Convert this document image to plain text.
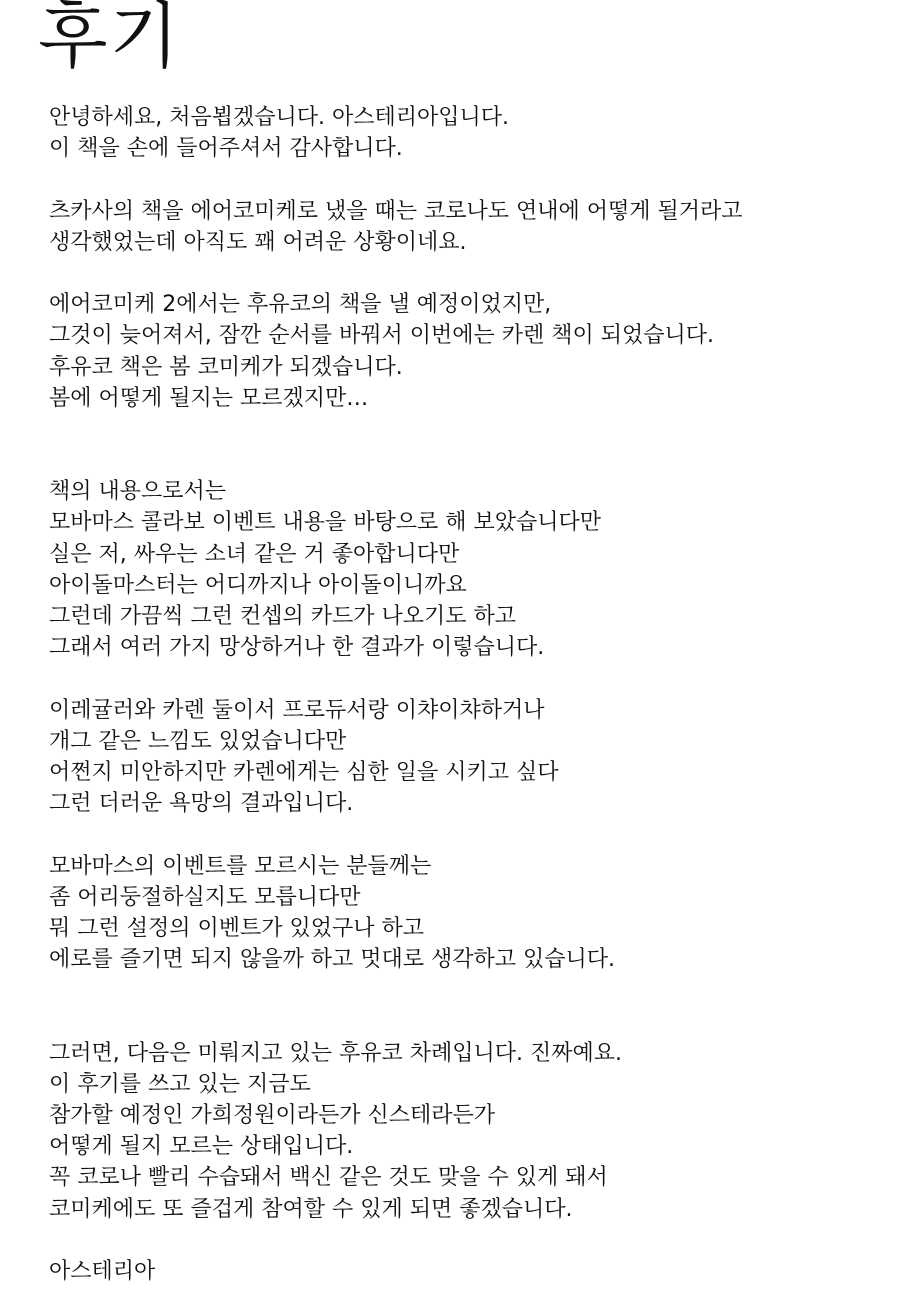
후기
안녕하세요, 처음뵙겠습니다. 아스테리아입니다.
이 책을 손에 들어주셔서 감사합니다.
츠카사의 책을 에어코미케로 냈을 때는 코로나도 연내에 어떻게 될거라고
생각했었는데 아직도 꽤 어려운 상황이네요.
에어코미케 2에서는 후유코의 책을 낼 예정이었지만,
그것이 늦어져서, 잠깐 순서를 바꿔서 이번에는 카렌 책이 되었습니다.
후유코 책은 봄 코미케가 되겠습니다.
봄에 어떻게 될지는 모르겠지만…
책의 내용으로서는
모바마스 콜라보 이벤트 내용을 바탕으로 해 보았습니다만
실은 저, 싸우는 소녀 같은 거 좋아합니다만
아이돌마스터는 어디까지나 아이돌이니까요
그런데 가끔씩 그런 컨셉의 카드가 나오기도 하고
그래서 여러 가지 망상하거나 한 결과가 이렇습니다.
이레귤러와 카렌 둘이서 프로듀서랑 이챠이챠하거나
개그 같은 느낌도 있었습니다만
어쩐지 미안하지만 카렌에게는 심한 일을 시키고 싶다
그런 더러운 욕망의 결과입니다.
모바마스의 이벤트를 모르시는 분들께는
좀 어리둥절하실지도 모릅니다만
뭐 그런 설정의 이벤트가 있었구나 하고
에로를 즐기면 되지 않을까 하고 멋대로 생각하고 있습니다.
그러면, 다음은 미뤄지고 있는 후유코 차례입니다. 진짜예요.
이 후기를 쓰고 있는 지금도
참가할 예정인 가희정원이라든가 신스테라든가
어떻게 될지 모르는 상태입니다.
꼭 코로나 빨리 수습돼서 백신 같은 것도 맞을 수 있게 돼서
코미케에도 또 즐겁게 참여할 수 있게 되면 좋겠습니다.
아스테리아
